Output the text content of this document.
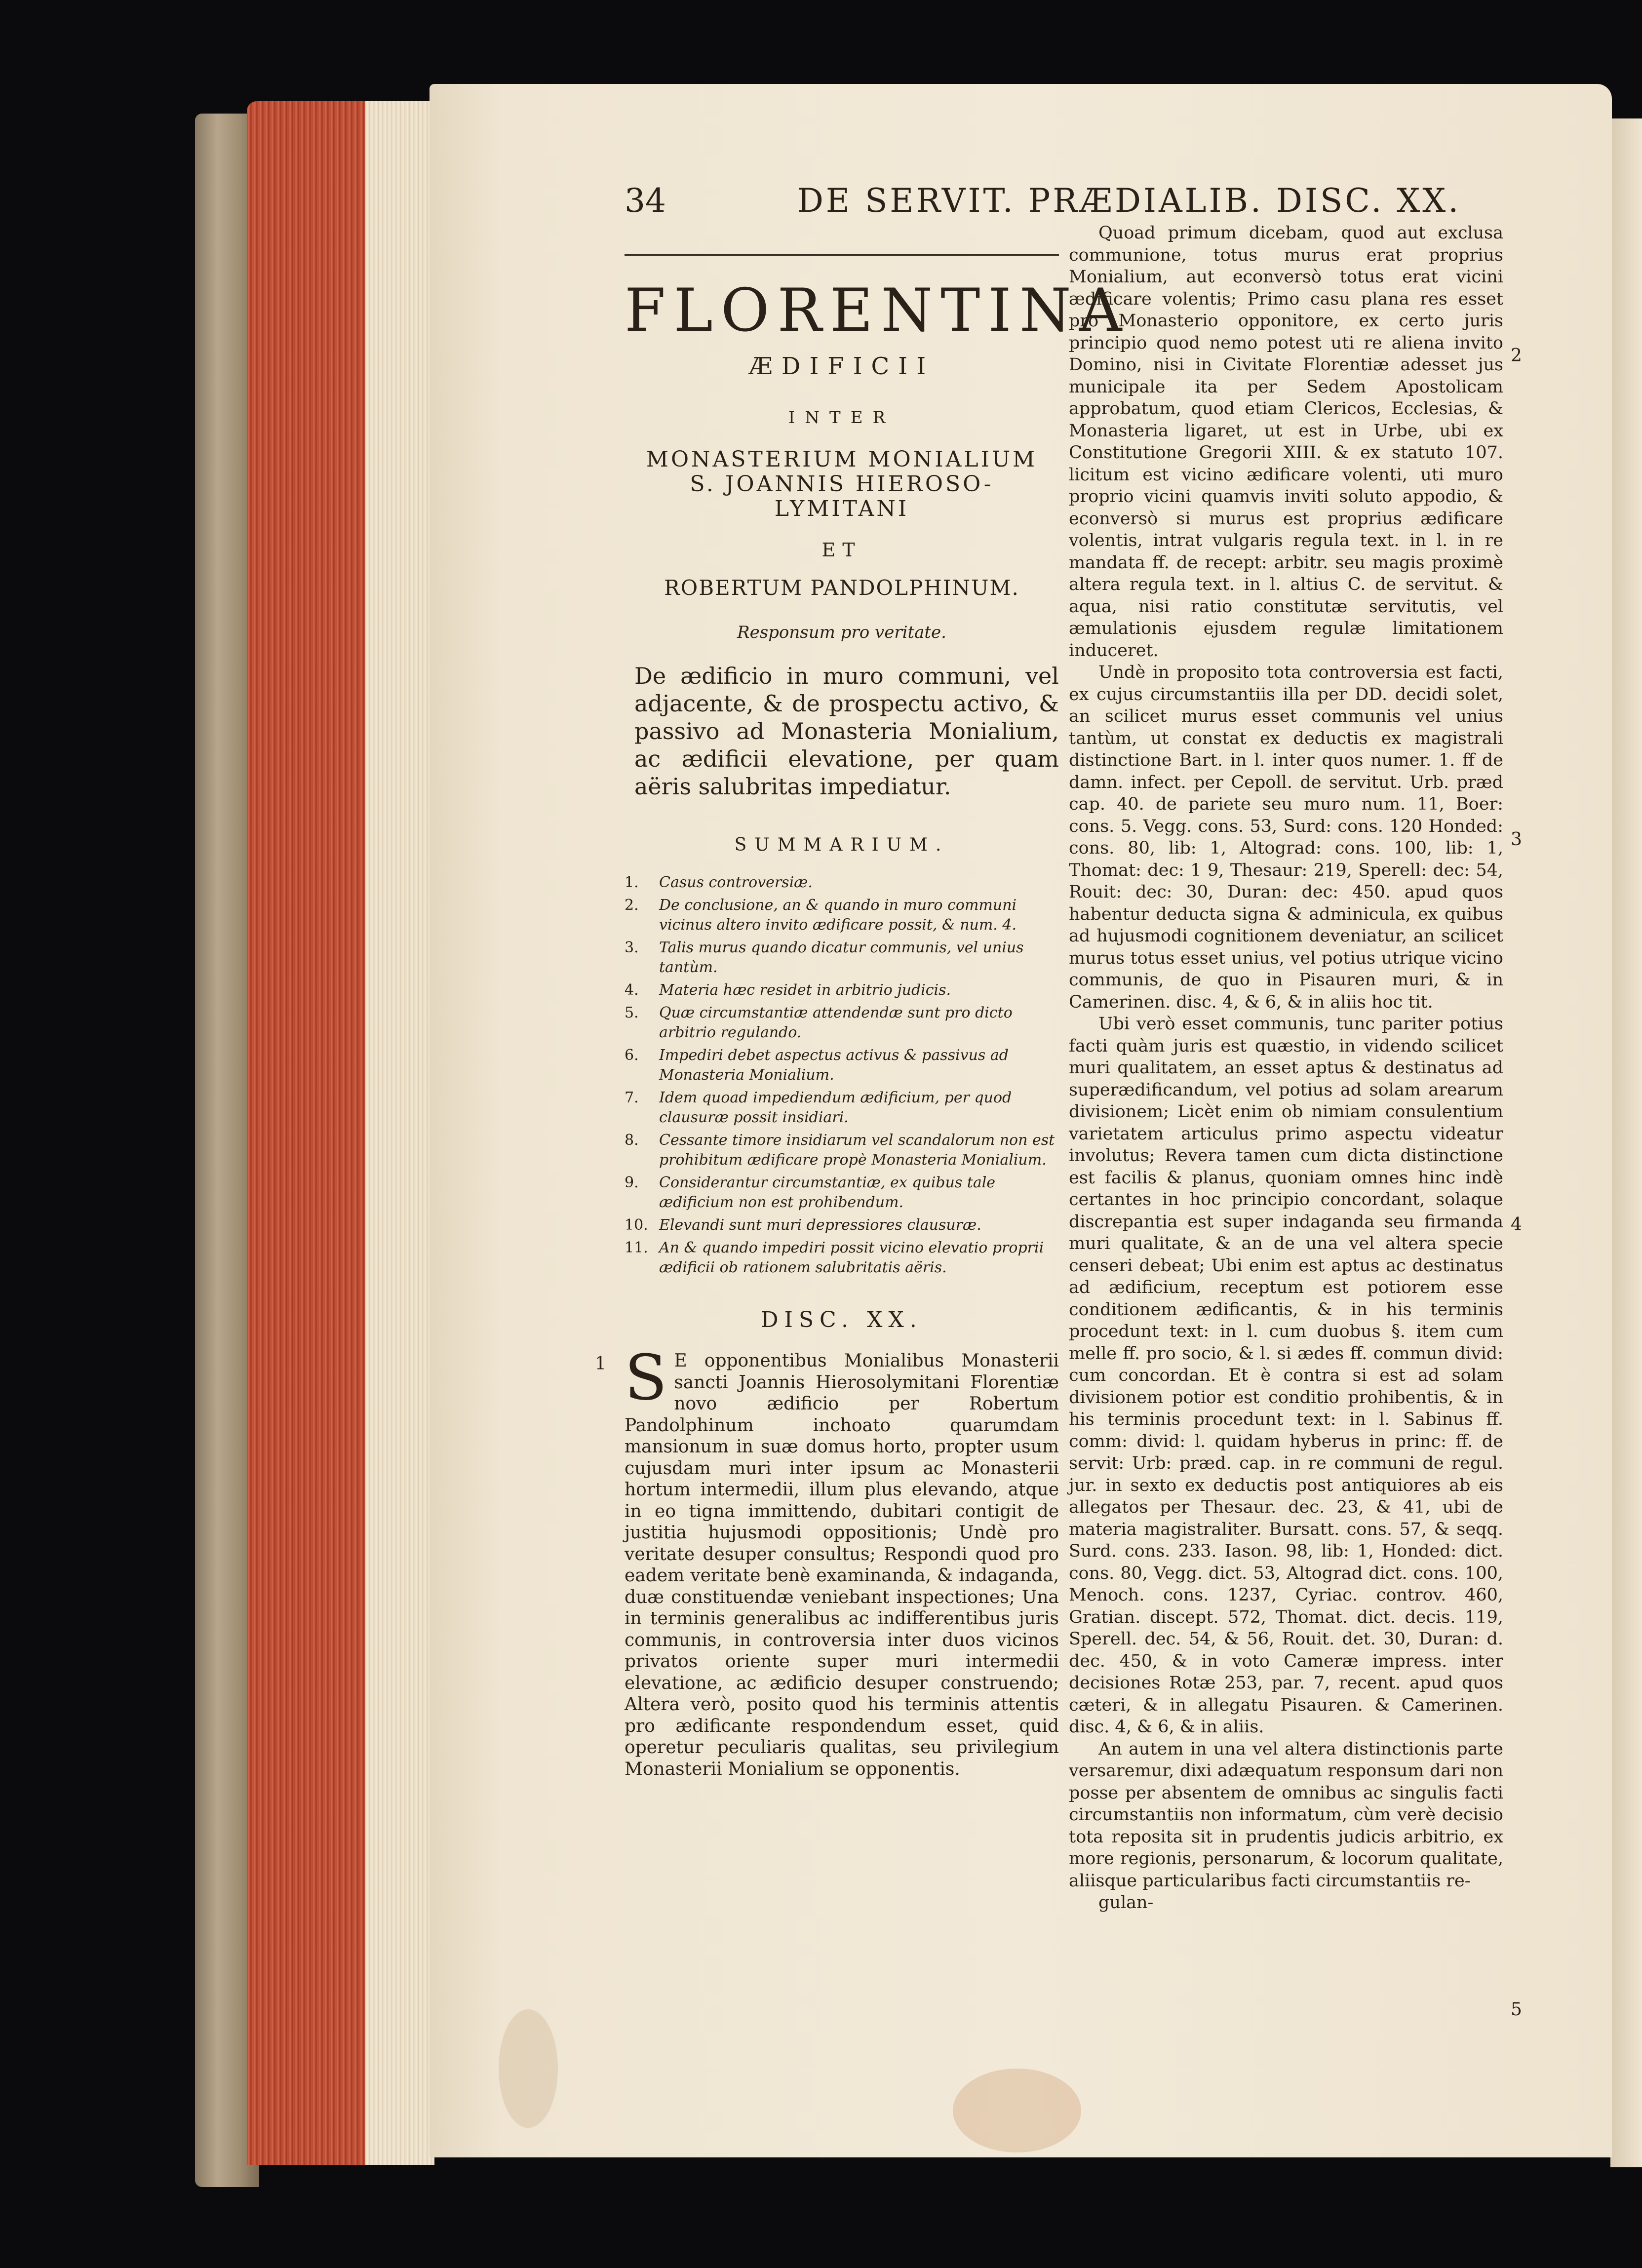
34	DE SERVIT. PRÆDIALIB. DISC. XX.

FLORENTINA

ÆDIFICII

INTER

MONASTERIUM MONIALIUM

S. JOANNIS HIEROSO-

LYMITANI

ET

ROBERTUM PANDOLPHINUM.

Responsum pro veritate.

De ædificio in muro communi, vel adjacente, & de prospectu activo, & passivo ad Monasteria Monialium, ac ædificii elevatione, per quam aëris salubritas impediatur.

SUMMARIUM.

1. Casus controversiæ.
2. De conclusione, an & quando in muro communi vicinus altero invito ædificare possit, & num. 4.
3. Talis murus quando dicatur communis, vel unius tantùm.
4. Materia hæc residet in arbitrio judicis.
5. Quæ circumstantiæ attendendæ sunt pro dicto arbitrio regulando.
6. Impediri debet aspectus activus & passivus ad Monasteria Monialium.
7. Idem quoad impediendum ædificium, per quod clausuræ possit insidiari.
8. Cessante timore insidiarum vel scandalorum non est prohibitum ædificare propè Monasteria Monialium.
9. Considerantur circumstantiæ, ex quibus tale ædificium non est prohibendum.
10. Elevandi sunt muri depressiores clausuræ.
11. An & quando impediri possit vicino elevatio proprii ædificii ob rationem salubritatis aëris.

DISC. XX.

1 S E opponentibus Monialibus Monasterii sancti Joannis Hierosolymitani Florentiæ novo ædificio per Robertum Pandolphinum inchoato quarumdam mansionum in suæ domus horto, propter usum cujusdam muri inter ipsum ac Monasterii hortum intermedii, illum plus elevando, atque in eo tigna immittendo, dubitari contigit de justitia hujusmodi oppositionis; Undè pro veritate desuper consultus; Respondi quod pro eadem veritate benè examinanda, & indaganda, duæ constituendæ veniebant inspectiones; Una in terminis generalibus ac indifferentibus juris communis, in controversia inter duos vicinos privatos oriente super muri intermedii elevatione, ac ædificio desuper construendo; Altera verò, posito quod his terminis attentis pro ædificante respondendum esset, quid operetur peculiaris qualitas, seu privilegium Monasterii Monialium se opponentis.
2
3
4
5

Quoad primum dicebam, quod aut exclusa communione, totus murus erat proprius Monialium, aut econversò totus erat vicini ædificare volentis; Primo casu plana res esset pro Monasterio opponitore, ex certo juris principio quod nemo potest uti re aliena invito Domino, nisi in Civitate Florentiæ adesset jus municipale ita per Sedem Apostolicam approbatum, quod etiam Clericos, Ecclesias, & Monasteria ligaret, ut est in Urbe, ubi ex Constitutione Gregorii XIII. & ex statuto 107. licitum est vicino ædificare volenti, uti muro proprio vicini quamvis inviti soluto appodio, & econversò si murus est proprius ædificare volentis, intrat vulgaris regula text. in l. in re mandata ff. de recept: arbitr. seu magis proximè altera regula text. in l. altius C. de servitut. & aqua, nisi ratio constitutæ servitutis, vel æmulationis ejusdem regulæ limitationem induceret.

Undè in proposito tota controversia est facti, ex cujus circumstantiis illa per DD. decidi solet, an scilicet murus esset communis vel unius tantùm, ut constat ex deductis ex magistrali distinctione Bart. in l. inter quos numer. 1. ff de damn. infect. per Cepoll. de servitut. Urb. præd cap. 40. de pariete seu muro num. 11, Boer: cons. 5. Vegg. cons. 53, Surd: cons. 120 Honded: cons. 80, lib: 1, Altograd: cons. 100, lib: 1, Thomat: dec: 1 9, Thesaur: 219, Sperell: dec: 54, Rouit: dec: 30, Duran: dec: 450. apud quos habentur deducta signa & adminicula, ex quibus ad hujusmodi cognitionem deveniatur, an scilicet murus totus esset unius, vel potius utrique vicino communis, de quo in Pisauren muri, & in Camerinen. disc. 4, & 6, & in aliis hoc tit.

Ubi verò esset communis, tunc pariter potius facti quàm juris est quæstio, in videndo scilicet muri qualitatem, an esset aptus & destinatus ad superædificandum, vel potius ad solam arearum divisionem; Licèt enim ob nimiam consulentium varietatem articulus primo aspectu videatur involutus; Revera tamen cum dicta distinctione est facilis & planus, quoniam omnes hinc indè certantes in hoc principio concordant, solaque discrepantia est super indaganda seu firmanda muri qualitate, & an de una vel altera specie censeri debeat; Ubi enim est aptus ac destinatus ad ædificium, receptum est potiorem esse conditionem ædificantis, & in his terminis procedunt text: in l. cum duobus §. item cum melle ff. pro socio, & l. si ædes ff. commun divid: cum concordan. Et è contra si est ad solam divisionem potior est conditio prohibentis, & in his terminis procedunt text: in l. Sabinus ff. comm: divid: l. quidam hyberus in princ: ff. de servit: Urb: præd. cap. in re communi de regul. jur. in sexto ex deductis post antiquiores ab eis allegatos per Thesaur. dec. 23, & 41, ubi de materia magistraliter. Bursatt. cons. 57, & seqq. Surd. cons. 233. Iason. 98, lib: 1, Honded: dict. cons. 80, Vegg. dict. 53, Altograd dict. cons. 100, Menoch. cons. 1237, Cyriac. controv. 460, Gratian. discept. 572, Thomat. dict. decis. 119, Sperell. dec. 54, & 56, Rouit. det. 30, Duran: d. dec. 450, & in voto Cameræ impress. inter decisiones Rotæ 253, par. 7, recent. apud quos cæteri, & in allegatu Pisauren. & Camerinen. disc. 4, & 6, & in aliis.

An autem in una vel altera distinctionis parte versaremur, dixi adæquatum responsum dari non posse per absentem de omnibus ac singulis facti circumstantiis non informatum, cùm verè decisio tota reposita sit in prudentis judicis arbitrio, ex more regionis, personarum, & locorum qualitate, aliisque particularibus facti circumstantiis re-

gulan-
